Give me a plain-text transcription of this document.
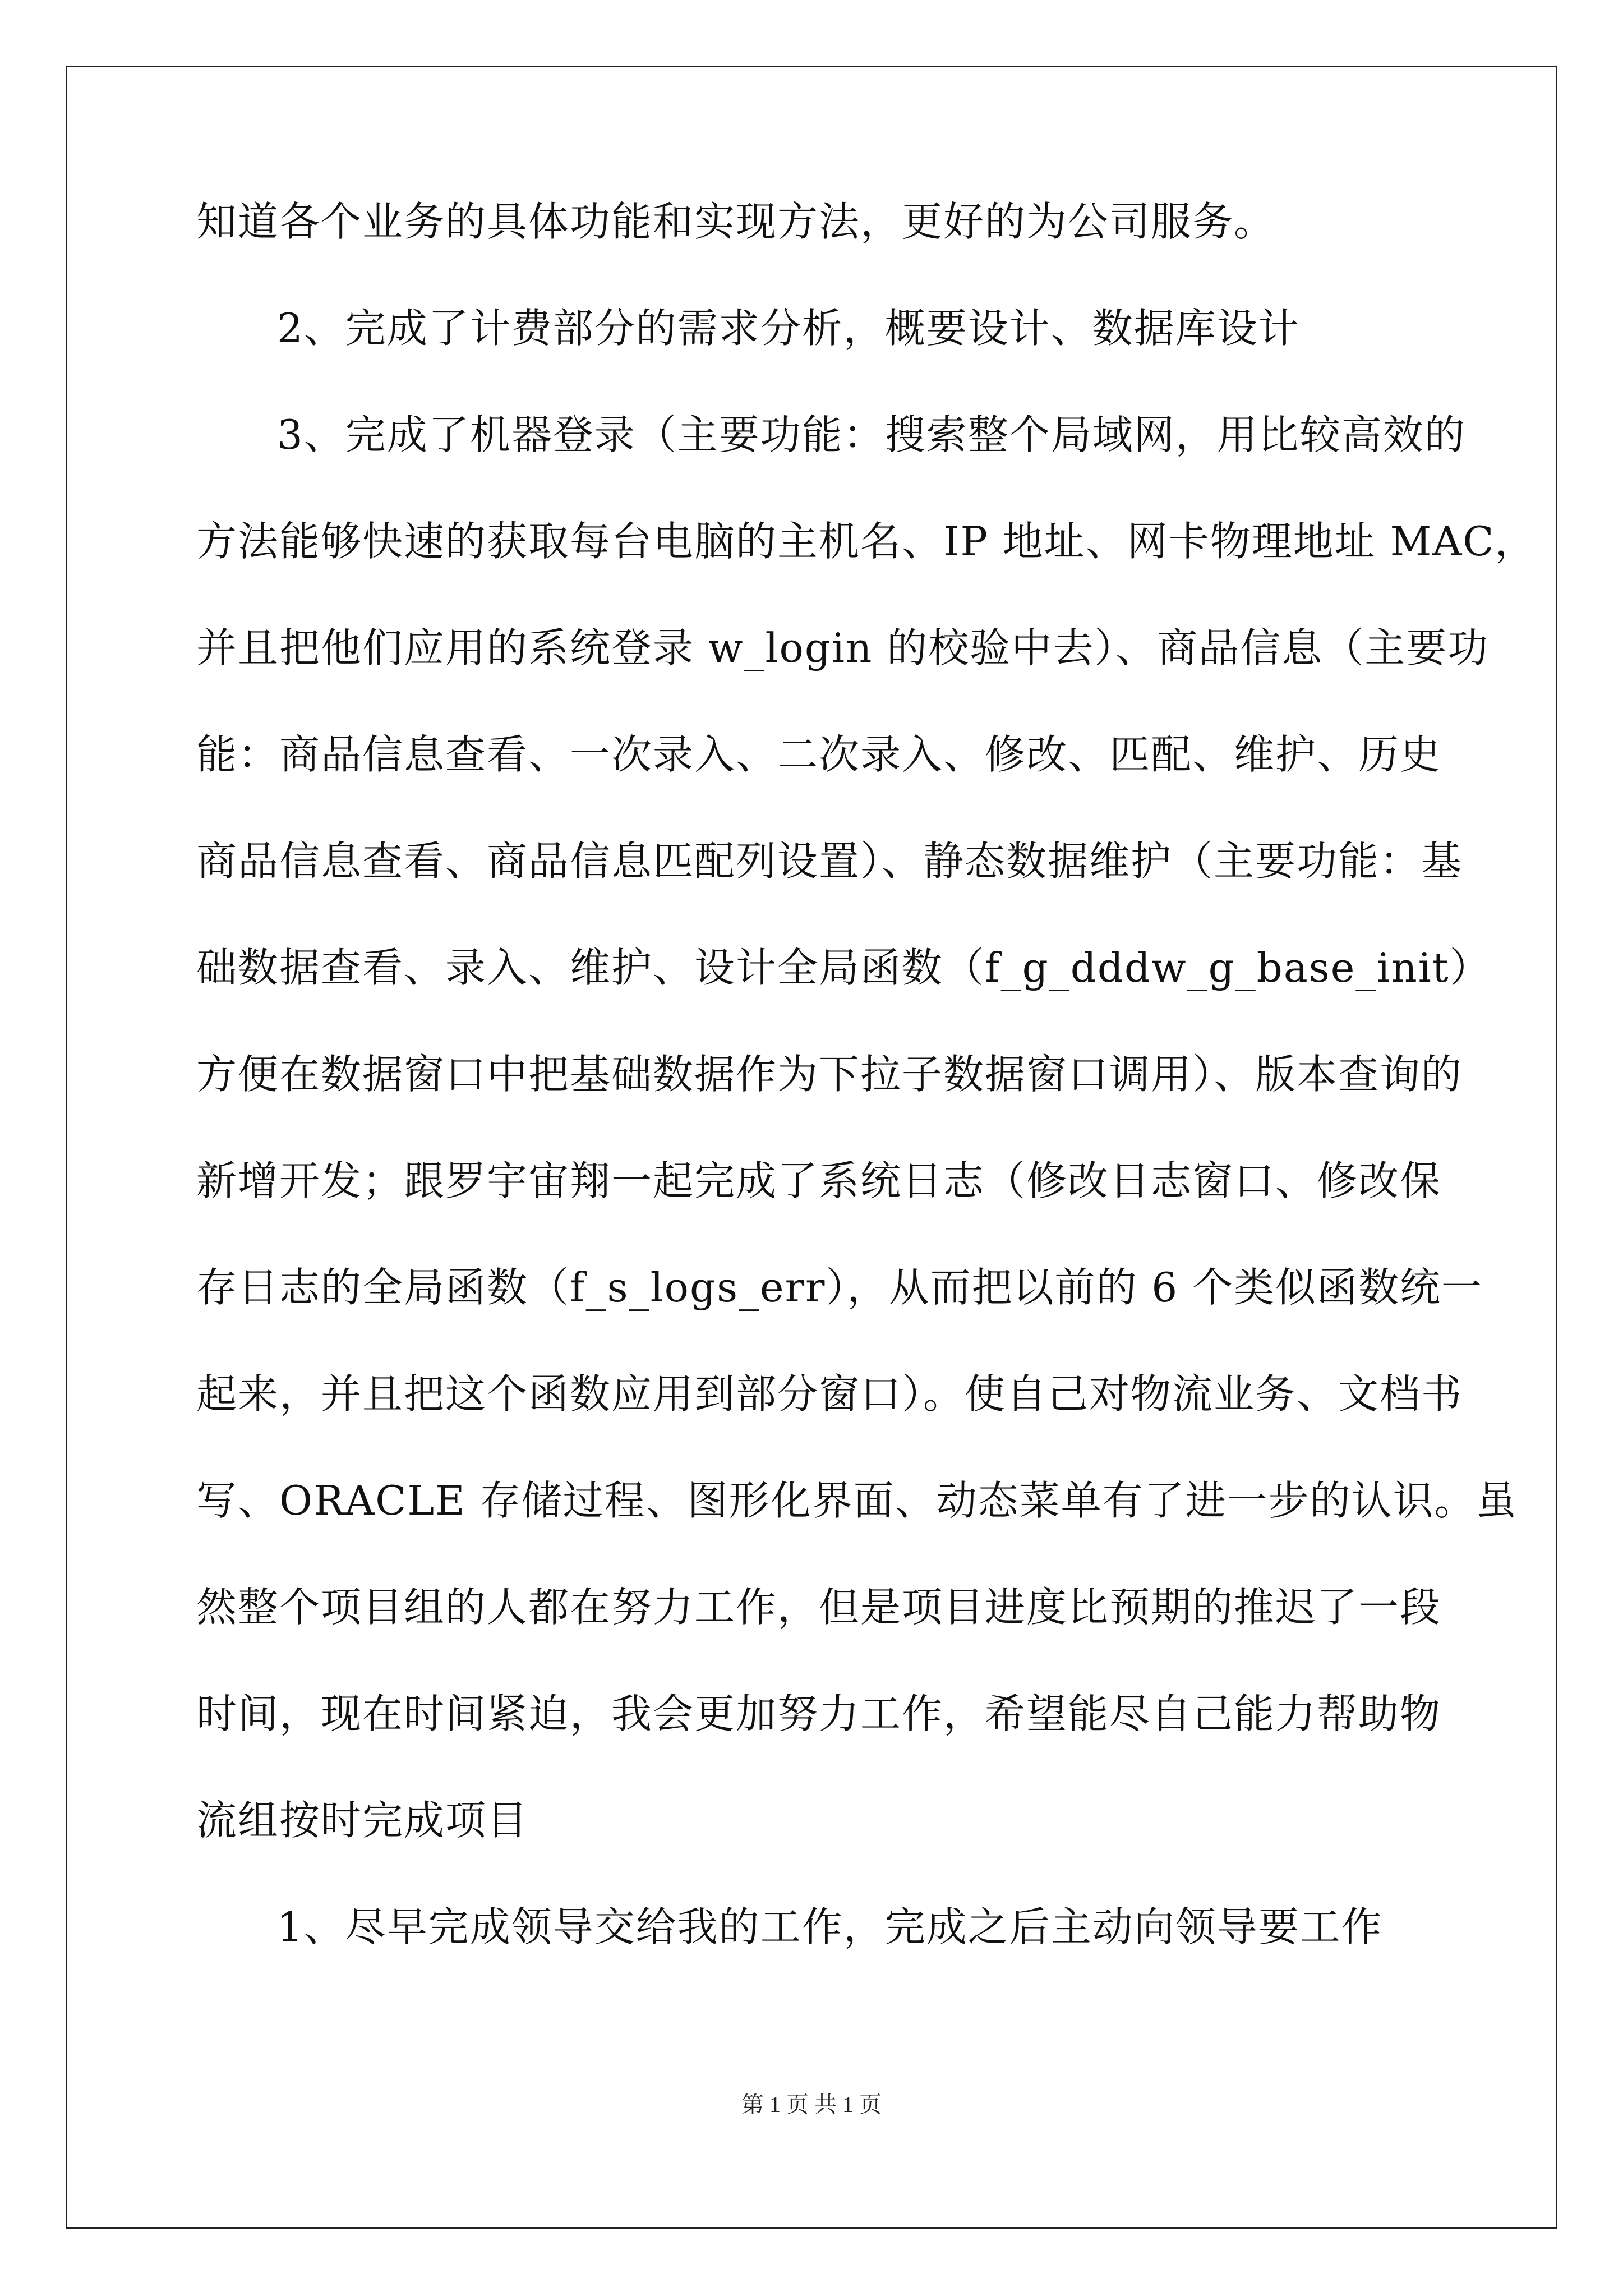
知道各个业务的具体功能和实现方法，更好的为公司服务。
2、完成了计费部分的需求分析，概要设计、数据库设计
3、完成了机器登录（主要功能：搜索整个局域网，用比较高效的
方法能够快速的获取每台电脑的主机名、IP 地址、网卡物理地址 MAC，
并且把他们应用的系统登录 w_login 的校验中去）、商品信息（主要功
能：商品信息查看、一次录入、二次录入、修改、匹配、维护、历史
商品信息查看、商品信息匹配列设置）、静态数据维护（主要功能：基
础数据查看、录入、维护、设计全局函数（f_g_dddw_g_base_init）
方便在数据窗口中把基础数据作为下拉子数据窗口调用）、版本查询的
新增开发；跟罗宇宙翔一起完成了系统日志（修改日志窗口、修改保
存日志的全局函数（f_s_logs_err），从而把以前的 6 个类似函数统一
起来，并且把这个函数应用到部分窗口）。使自己对物流业务、文档书
写、ORACLE 存储过程、图形化界面、动态菜单有了进一步的认识。虽
然整个项目组的人都在努力工作，但是项目进度比预期的推迟了一段
时间，现在时间紧迫，我会更加努力工作，希望能尽自己能力帮助物
流组按时完成项目
1、尽早完成领导交给我的工作，完成之后主动向领导要工作
第 1 页 共 1 页
